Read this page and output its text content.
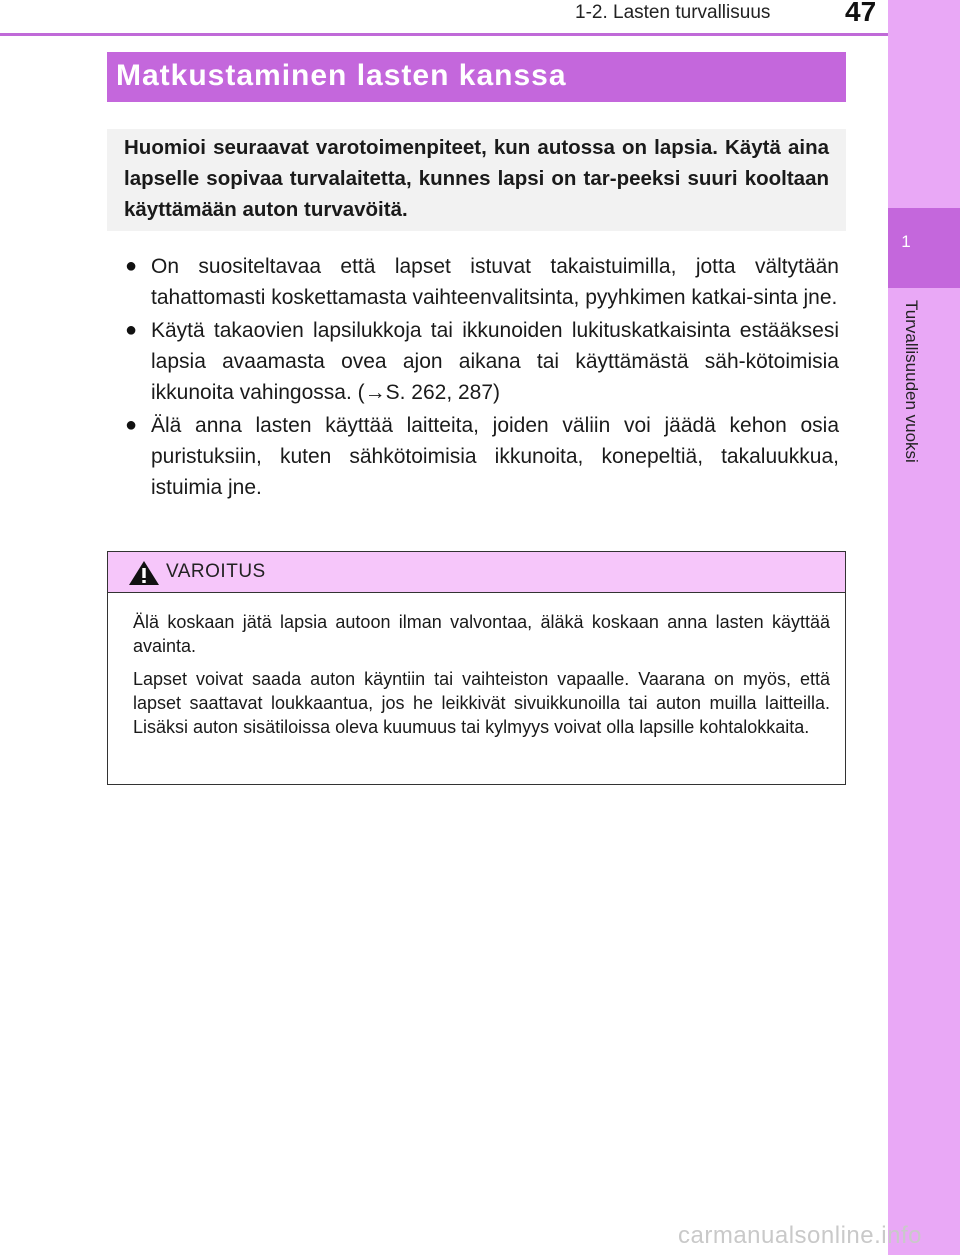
1
Turvallisuuden vuoksi
1-2. Lasten turvallisuus	47
Matkustaminen lasten kanssa

Huomioi seuraavat varotoimenpiteet, kun autossa on lapsia. Käytä aina lapselle sopivaa turvalaitetta, kunnes lapsi on tar-peeksi suuri kooltaan käyttämään auton turvavöitä.

● On suositeltavaa että lapset istuvat takaistuimilla, jotta vältytään tahattomasti koskettamasta vaihteenvalitsinta, pyyhkimen katkai-sinta jne.

● Käytä takaovien lapsilukkoja tai ikkunoiden lukituskatkaisinta estääksesi lapsia avaamasta ovea ajon aikana tai käyttämästä säh-kötoimisia ikkunoita vahingossa. (→S. 262, 287)

● Älä anna lasten käyttää laitteita, joiden väliin voi jäädä kehon osia puristuksiin, kuten sähkötoimisia ikkunoita, konepeltiä, takaluukkua, istuimia jne.

VAROITUS

Älä koskaan jätä lapsia autoon ilman valvontaa, äläkä koskaan anna lasten käyttää avainta.

Lapset voivat saada auton käyntiin tai vaihteiston vapaalle. Vaarana on myös, että lapset saattavat loukkaantua, jos he leikkivät sivuikkunoilla tai auton muilla laitteilla. Lisäksi auton sisätiloissa oleva kuumuus tai kylmyys voivat olla lapsille kohtalokkaita.

carmanualsonline.info
